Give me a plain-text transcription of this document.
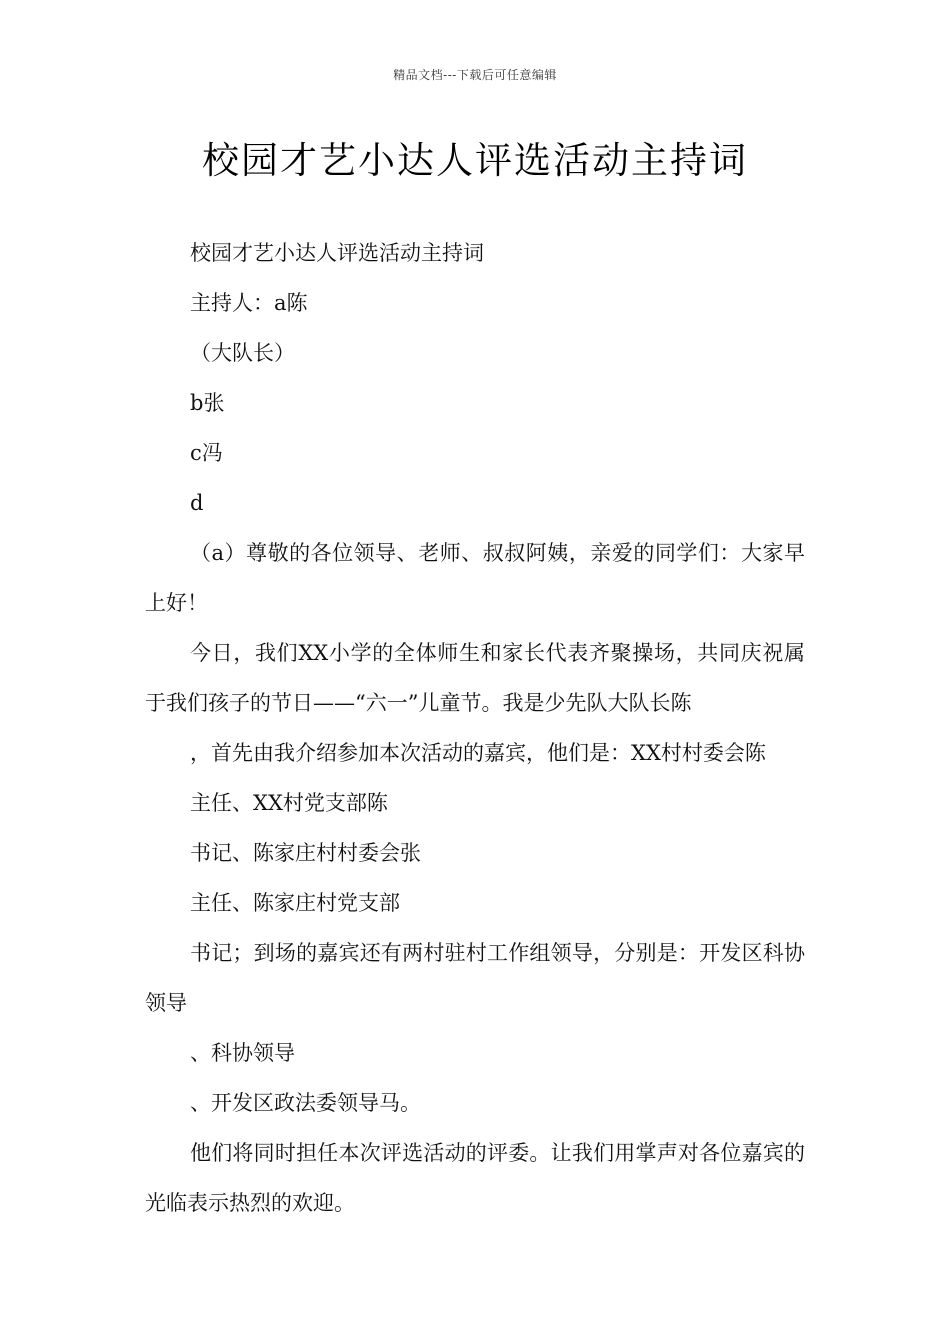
精品文档---下载后可任意编辑
校园才艺小达人评选活动主持词

校园才艺小达人评选活动主持词

主持人：a陈

（大队长）

b张

c冯

d

（a）尊敬的各位领导、老师、叔叔阿姨，亲爱的同学们：大家早上好！

今日，我们XX小学的全体师生和家长代表齐聚操场，共同庆祝属于我们孩子的节日——“六一”儿童节。我是少先队大队长陈

，首先由我介绍参加本次活动的嘉宾，他们是：XX村村委会陈

主任、XX村党支部陈

书记、陈家庄村村委会张

主任、陈家庄村党支部

书记；到场的嘉宾还有两村驻村工作组领导，分别是：开发区科协领导

、科协领导

、开发区政法委领导马。

他们将同时担任本次评选活动的评委。让我们用掌声对各位嘉宾的光临表示热烈的欢迎。
